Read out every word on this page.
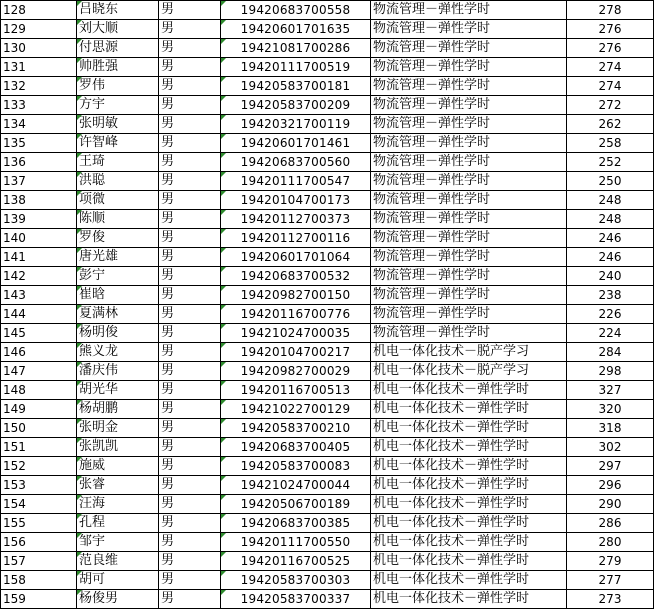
128	吕晓东	男	19420683700558	物流管理－弹性学时	278
129	刘大顺	男	19420601701635	物流管理－弹性学时	276
130	付思源	男	19421081700286	物流管理－弹性学时	276
131	帅胜强	男	19420111700519	物流管理－弹性学时	274
132	罗伟	男	19420583700181	物流管理－弹性学时	274
133	方宇	男	19420583700209	物流管理－弹性学时	272
134	张明敏	男	19420321700119	物流管理－弹性学时	262
135	许智峰	男	19420601701461	物流管理－弹性学时	258
136	王琦	男	19420683700560	物流管理－弹性学时	252
137	洪聪	男	19420111700547	物流管理－弹性学时	250
138	项微	男	19420104700173	物流管理－弹性学时	248
139	陈顺	男	19420112700373	物流管理－弹性学时	248
140	罗俊	男	19420112700116	物流管理－弹性学时	246
141	唐光雄	男	19420601701064	物流管理－弹性学时	246
142	彭宁	男	19420683700532	物流管理－弹性学时	240
143	崔晗	男	19420982700150	物流管理－弹性学时	238
144	夏满林	男	19420116700776	物流管理－弹性学时	226
145	杨明俊	男	19421024700035	物流管理－弹性学时	224
146	熊义龙	男	19420104700217	机电一体化技术－脱产学习	284
147	潘庆伟	男	19420982700029	机电一体化技术－脱产学习	298
148	胡光华	男	19420116700513	机电一体化技术－弹性学时	327
149	杨胡鹏	男	19421022700129	机电一体化技术－弹性学时	320
150	张明金	男	19420583700210	机电一体化技术－弹性学时	318
151	张凯凯	男	19420683700405	机电一体化技术－弹性学时	302
152	施威	男	19420583700083	机电一体化技术－弹性学时	297
153	张睿	男	19421024700044	机电一体化技术－弹性学时	296
154	汪海	男	19420506700189	机电一体化技术－弹性学时	290
155	孔程	男	19420683700385	机电一体化技术－弹性学时	286
156	邹宇	男	19420111700550	机电一体化技术－弹性学时	280
157	范良维	男	19420116700525	机电一体化技术－弹性学时	279
158	胡可	男	19420583700303	机电一体化技术－弹性学时	277
159	杨俊男	男	19420583700337	机电一体化技术－弹性学时	273
